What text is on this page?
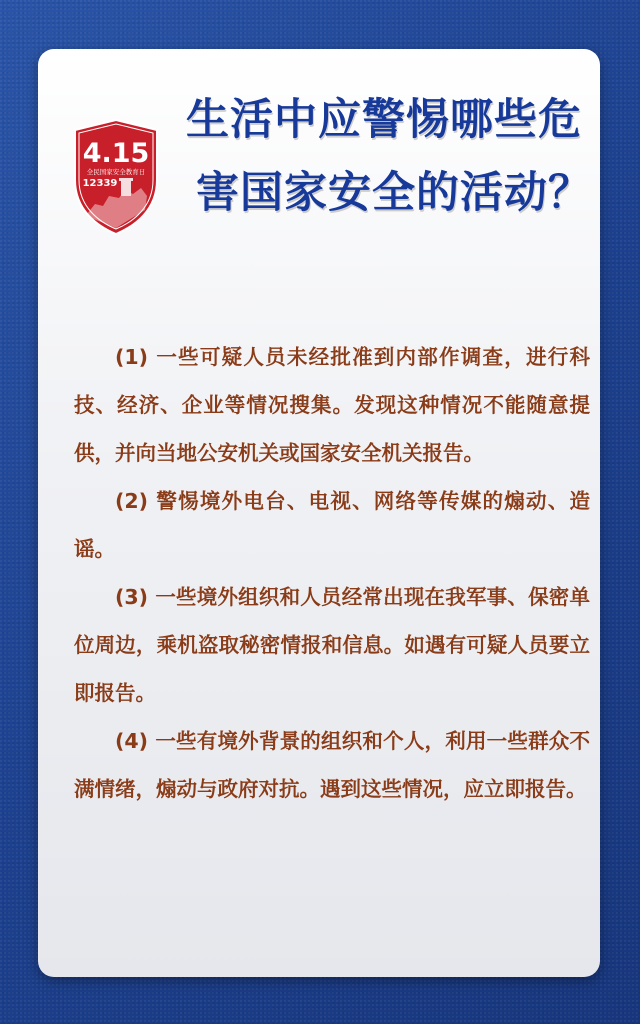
4.15
全民国家安全教育日
12339
生活中应警惕哪些危
害国家安全的活动？

(1) 一些可疑人员未经批准到内部作调查，进行科技、经济、企业等情况搜集。发现这种情况不能随意提供，并向当地公安机关或国家安全机关报告。

(2) 警惕境外电台、电视、网络等传媒的煽动、造谣。

(3) 一些境外组织和人员经常出现在我军事、保密单位周边，乘机盗取秘密情报和信息。如遇有可疑人员要立即报告。

(4) 一些有境外背景的组织和个人，利用一些群众不满情绪，煽动与政府对抗。遇到这些情况，应立即报告。
